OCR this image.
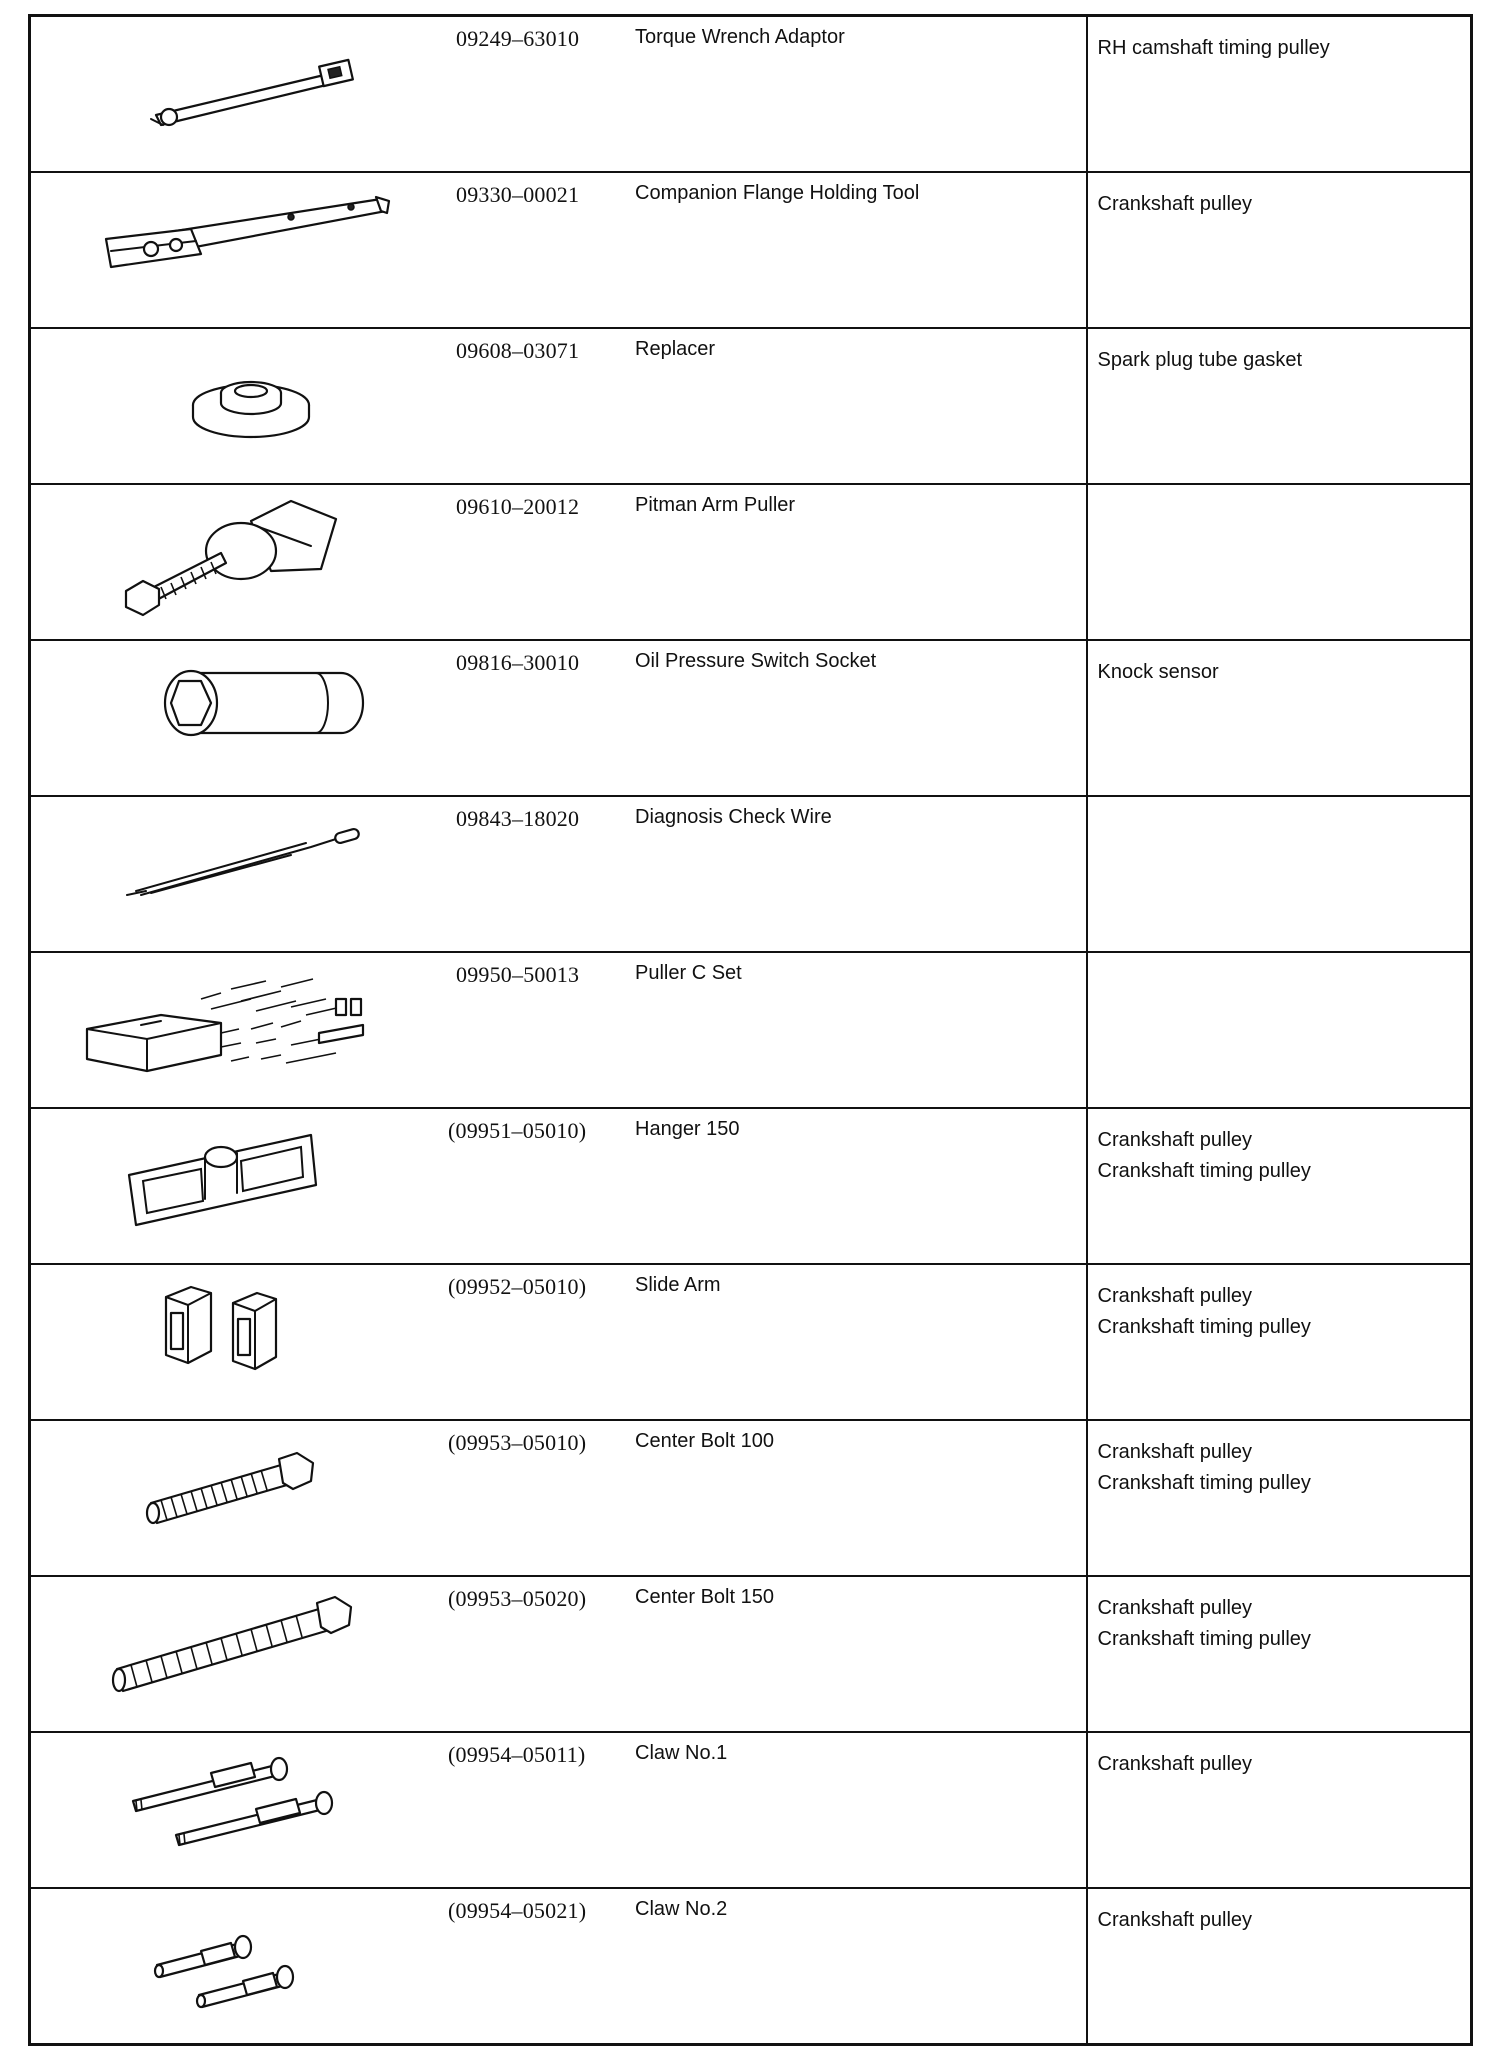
09249–63010 Torque Wrench Adaptor	RH camshaft timing pulley

09330–00021 Companion Flange Holding Tool	Crankshaft pulley

09608–03071 Replacer	Spark plug tube gasket

09610–20012 Pitman Arm Puller	

09816–30010 Oil Pressure Switch Socket	Knock sensor

09843–18020 Diagnosis Check Wire	

09950–50013 Puller C Set	

(09951–05010) Hanger 150	Crankshaft pulley
Crankshaft timing pulley

(09952–05010) Slide Arm	Crankshaft pulley
Crankshaft timing pulley

(09953–05010) Center Bolt 100	Crankshaft pulley
Crankshaft timing pulley

(09953–05020) Center Bolt 150	Crankshaft pulley
Crankshaft timing pulley

(09954–05011) Claw No.1	Crankshaft pulley

(09954–05021) Claw No.2	Crankshaft pulley
